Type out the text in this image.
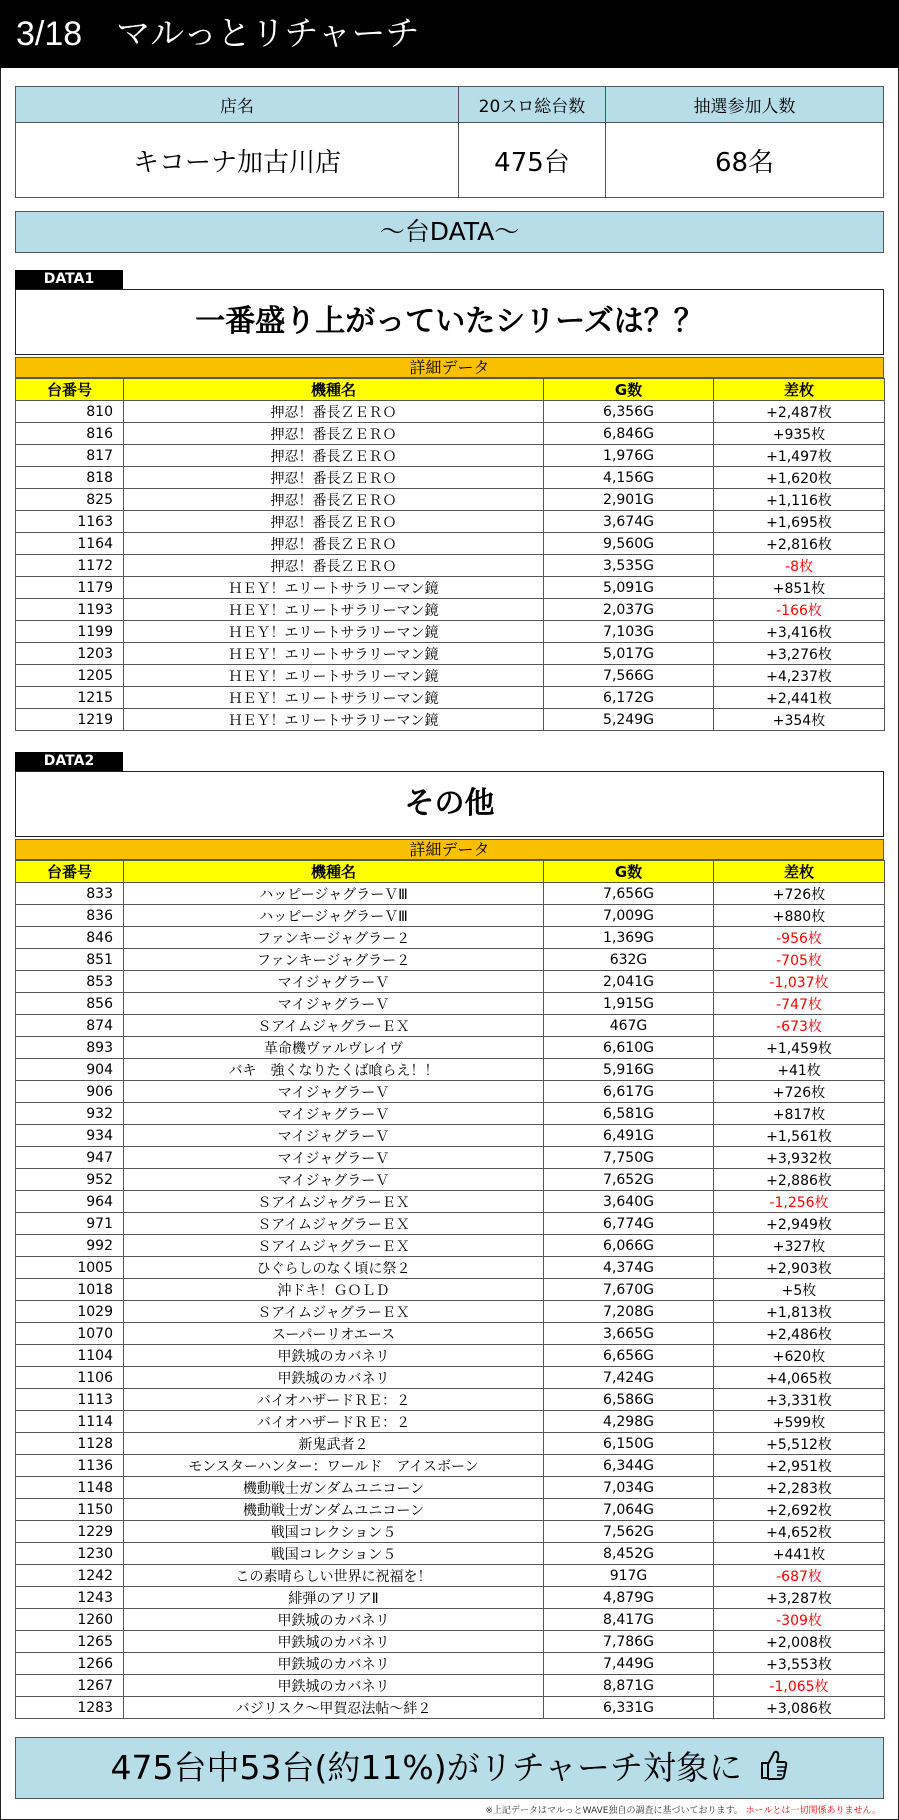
3/18　マルっとリチャーチ
店名	20スロ総台数	抽選参加人数
キコーナ加古川店	475台	68名
～台DATA～
DATA1
一番盛り上がっていたシリーズは？？
詳細データ
台番号	機種名	G数	差枚
810	押忍！番長ＺＥＲＯ	6,356G	+2,487枚
816	押忍！番長ＺＥＲＯ	6,846G	+935枚
817	押忍！番長ＺＥＲＯ	1,976G	+1,497枚
818	押忍！番長ＺＥＲＯ	4,156G	+1,620枚
825	押忍！番長ＺＥＲＯ	2,901G	+1,116枚
1163	押忍！番長ＺＥＲＯ	3,674G	+1,695枚
1164	押忍！番長ＺＥＲＯ	9,560G	+2,816枚
1172	押忍！番長ＺＥＲＯ	3,535G	-8枚
1179	ＨＥＹ！エリートサラリーマン鏡	5,091G	+851枚
1193	ＨＥＹ！エリートサラリーマン鏡	2,037G	-166枚
1199	ＨＥＹ！エリートサラリーマン鏡	7,103G	+3,416枚
1203	ＨＥＹ！エリートサラリーマン鏡	5,017G	+3,276枚
1205	ＨＥＹ！エリートサラリーマン鏡	7,566G	+4,237枚
1215	ＨＥＹ！エリートサラリーマン鏡	6,172G	+2,441枚
1219	ＨＥＹ！エリートサラリーマン鏡	5,249G	+354枚
DATA2
その他
詳細データ
台番号	機種名	G数	差枚
833	ハッピージャグラーＶⅢ	7,656G	+726枚
836	ハッピージャグラーＶⅢ	7,009G	+880枚
846	ファンキージャグラー２	1,369G	-956枚
851	ファンキージャグラー２	632G	-705枚
853	マイジャグラーＶ	2,041G	-1,037枚
856	マイジャグラーＶ	1,915G	-747枚
874	ＳアイムジャグラーＥＸ	467G	-673枚
893	革命機ヴァルヴレイヴ	6,610G	+1,459枚
904	バキ　強くなりたくば喰らえ！！	5,916G	+41枚
906	マイジャグラーＶ	6,617G	+726枚
932	マイジャグラーＶ	6,581G	+817枚
934	マイジャグラーＶ	6,491G	+1,561枚
947	マイジャグラーＶ	7,750G	+3,932枚
952	マイジャグラーＶ	7,652G	+2,886枚
964	ＳアイムジャグラーＥＸ	3,640G	-1,256枚
971	ＳアイムジャグラーＥＸ	6,774G	+2,949枚
992	ＳアイムジャグラーＥＸ	6,066G	+327枚
1005	ひぐらしのなく頃に祭２	4,374G	+2,903枚
1018	沖ドキ！ＧＯＬＤ	7,670G	+5枚
1029	ＳアイムジャグラーＥＸ	7,208G	+1,813枚
1070	スーパーリオエース	3,665G	+2,486枚
1104	甲鉄城のカバネリ	6,656G	+620枚
1106	甲鉄城のカバネリ	7,424G	+4,065枚
1113	バイオハザードＲＥ：２	6,586G	+3,331枚
1114	バイオハザードＲＥ：２	4,298G	+599枚
1128	新鬼武者２	6,150G	+5,512枚
1136	モンスターハンター：ワールド　アイスボーン	6,344G	+2,951枚
1148	機動戦士ガンダムユニコーン	7,034G	+2,283枚
1150	機動戦士ガンダムユニコーン	7,064G	+2,692枚
1229	戦国コレクション５	7,562G	+4,652枚
1230	戦国コレクション５	8,452G	+441枚
1242	この素晴らしい世界に祝福を！	917G	-687枚
1243	緋弾のアリアⅡ	4,879G	+3,287枚
1260	甲鉄城のカバネリ	8,417G	-309枚
1265	甲鉄城のカバネリ	7,786G	+2,008枚
1266	甲鉄城のカバネリ	7,449G	+3,553枚
1267	甲鉄城のカバネリ	8,871G	-1,065枚
1283	バジリスク～甲賀忍法帖～絆２	6,331G	+3,086枚
475台中53台(約11%)がリチャーチ対象に
※上記データはマルっとWAVE独自の調査に基づいております。 ホールとは一切関係ありません。
